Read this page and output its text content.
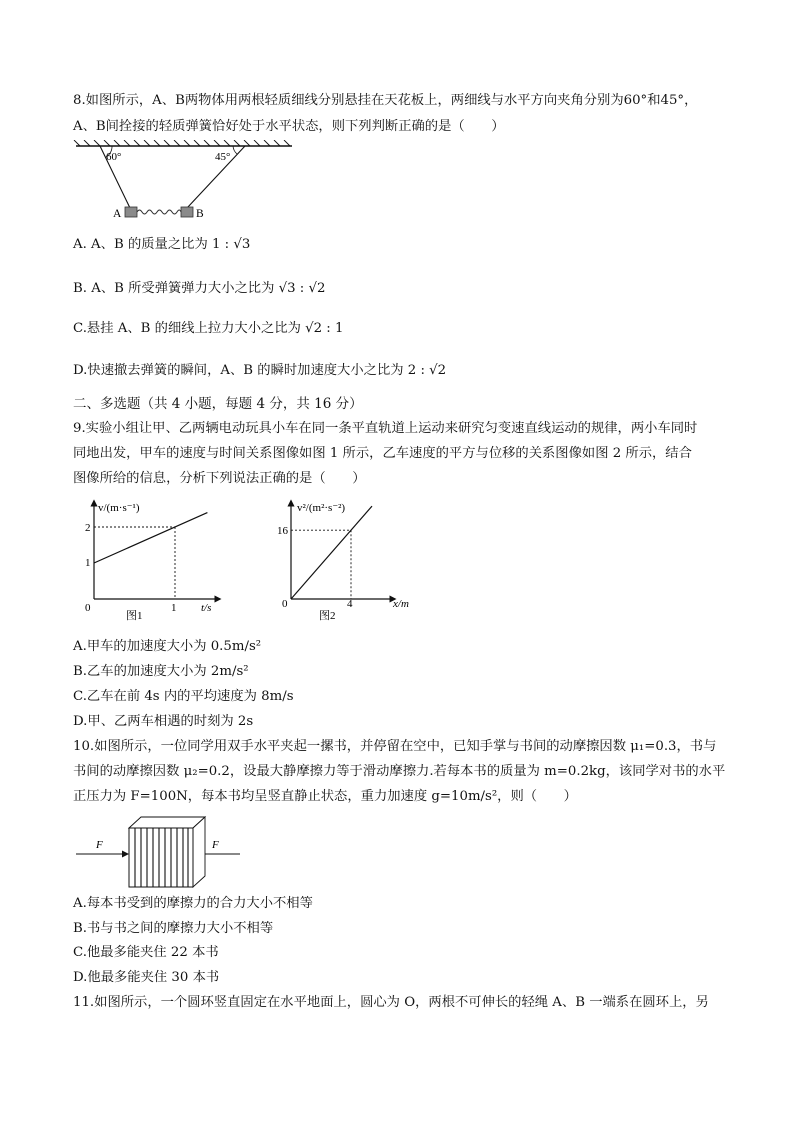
8.如图所示，A、B两物体用两根轻质细线分别悬挂在天花板上，两细线与水平方向夹角分别为60°和45°，
A、B间拴接的轻质弹簧恰好处于水平状态，则下列判断正确的是（　　）
60°	45°
A	B
A. A、B 的质量之比为 1 : √3
B. A、B 所受弹簧弹力大小之比为 √3 : √2
C.悬挂 A、B 的细线上拉力大小之比为 √2 : 1
D.快速撤去弹簧的瞬间，A、B 的瞬时加速度大小之比为 2 : √2
二、多选题（共 4 小题，每题 4 分，共 16 分）
9.实验小组让甲、乙两辆电动玩具小车在同一条平直轨道上运动来研究匀变速直线运动的规律，两小车同时
同地出发，甲车的速度与时间关系图像如图 1 所示，乙车速度的平方与位移的关系图像如图 2 所示，结合
图像所给的信息，分析下列说法正确的是（　　）
v/(m·s⁻¹)
t/s
2
1
1
0
图1
v²/(m²·s⁻²)
x/m
16
4
0
图2
A.甲车的加速度大小为 0.5m/s²
B.乙车的加速度大小为 2m/s²
C.乙车在前 4s 内的平均速度为 8m/s
D.甲、乙两车相遇的时刻为 2s
10.如图所示，一位同学用双手水平夹起一摞书，并停留在空中，已知手掌与书间的动摩擦因数 μ₁=0.3，书与
书间的动摩擦因数 μ₂=0.2，设最大静摩擦力等于滑动摩擦力.若每本书的质量为 m=0.2kg，该同学对书的水平
正压力为 F=100N，每本书均呈竖直静止状态，重力加速度 g=10m/s²，则（　　）
F	F
A.每本书受到的摩擦力的合力大小不相等
B.书与书之间的摩擦力大小不相等
C.他最多能夹住 22 本书
D.他最多能夹住 30 本书
11.如图所示，一个圆环竖直固定在水平地面上，圆心为 O，两根不可伸长的轻绳 A、B 一端系在圆环上，另
